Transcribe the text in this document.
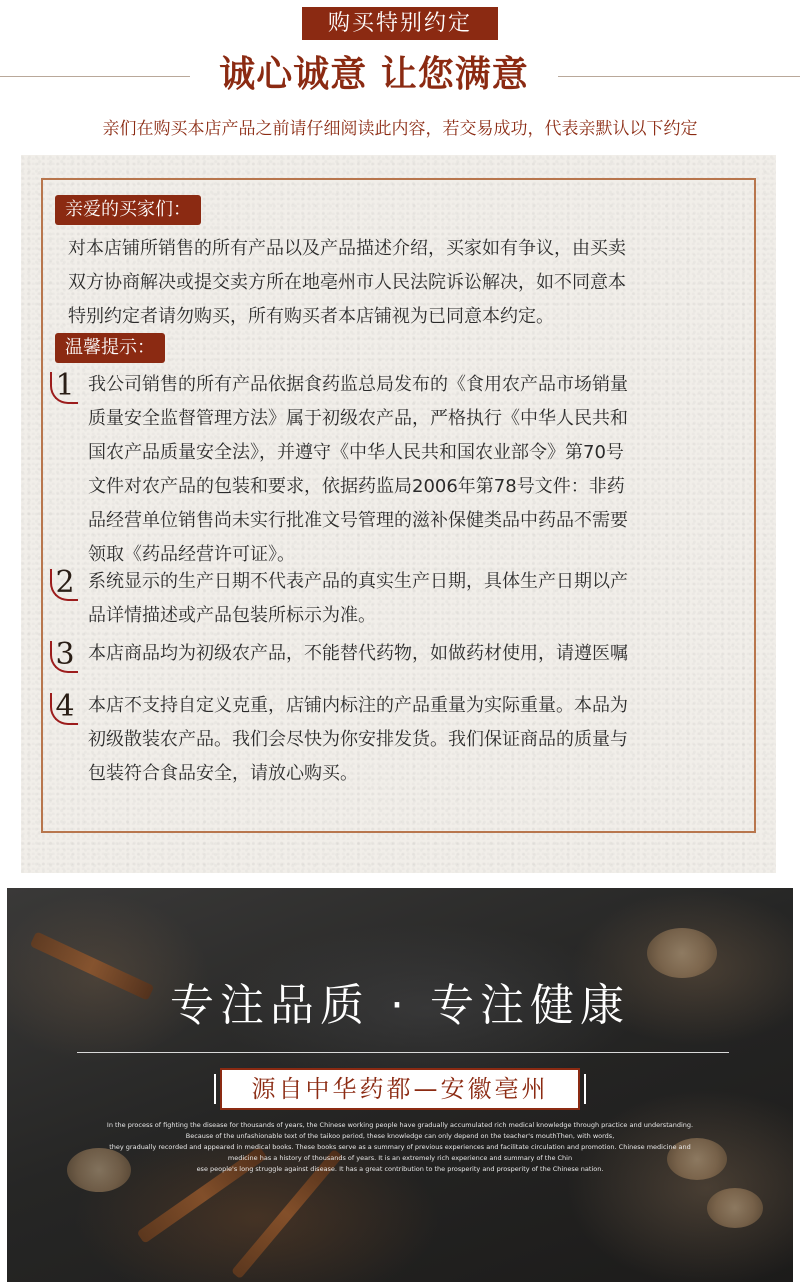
购买特别约定
诚心诚意 让您满意
亲们在购买本店产品之前请仔细阅读此内容，若交易成功，代表亲默认以下约定
亲爱的买家们：
对本店铺所销售的所有产品以及产品描述介绍，买家如有争议，由买卖
双方协商解决或提交卖方所在地亳州市人民法院诉讼解决，如不同意本
特别约定者请勿购买，所有购买者本店铺视为已同意本约定。
温馨提示：
1 我公司销售的所有产品依据食药监总局发布的《食用农产品市场销量
质量安全监督管理方法》属于初级农产品，严格执行《中华人民共和
国农产品质量安全法》，并遵守《中华人民共和国农业部令》第70号
文件对农产品的包装和要求，依据药监局2006年第78号文件：非药
品经营单位销售尚未实行批准文号管理的滋补保健类品中药品不需要
领取《药品经营许可证》。
2 系统显示的生产日期不代表产品的真实生产日期，具体生产日期以产
品详情描述或产品包装所标示为准。
3 本店商品均为初级农产品，不能替代药物，如做药材使用，请遵医嘱
4 本店不支持自定义克重，店铺内标注的产品重量为实际重量。本品为
初级散装农产品。我们会尽快为你安排发货。我们保证商品的质量与
包装符合食品安全，请放心购买。
专注品质 · 专注健康
源自中华药都—安徽亳州
In the process of fighting the disease for thousands of years, the Chinese working people have gradually accumulated rich medical knowledge through practice and understanding.
Because of the unfashionable text of the taikoo period, these knowledge can only depend on the teacher's mouthThen, with words,
they gradually recorded and appeared in medical books. These books serve as a summary of previous experiences and facilitate circulation and promotion. Chinese medicine and
medicine has a history of thousands of years. It is an extremely rich experience and summary of the Chin
ese people's long struggle against disease. It has a great contribution to the prosperity and prosperity of the Chinese nation.
